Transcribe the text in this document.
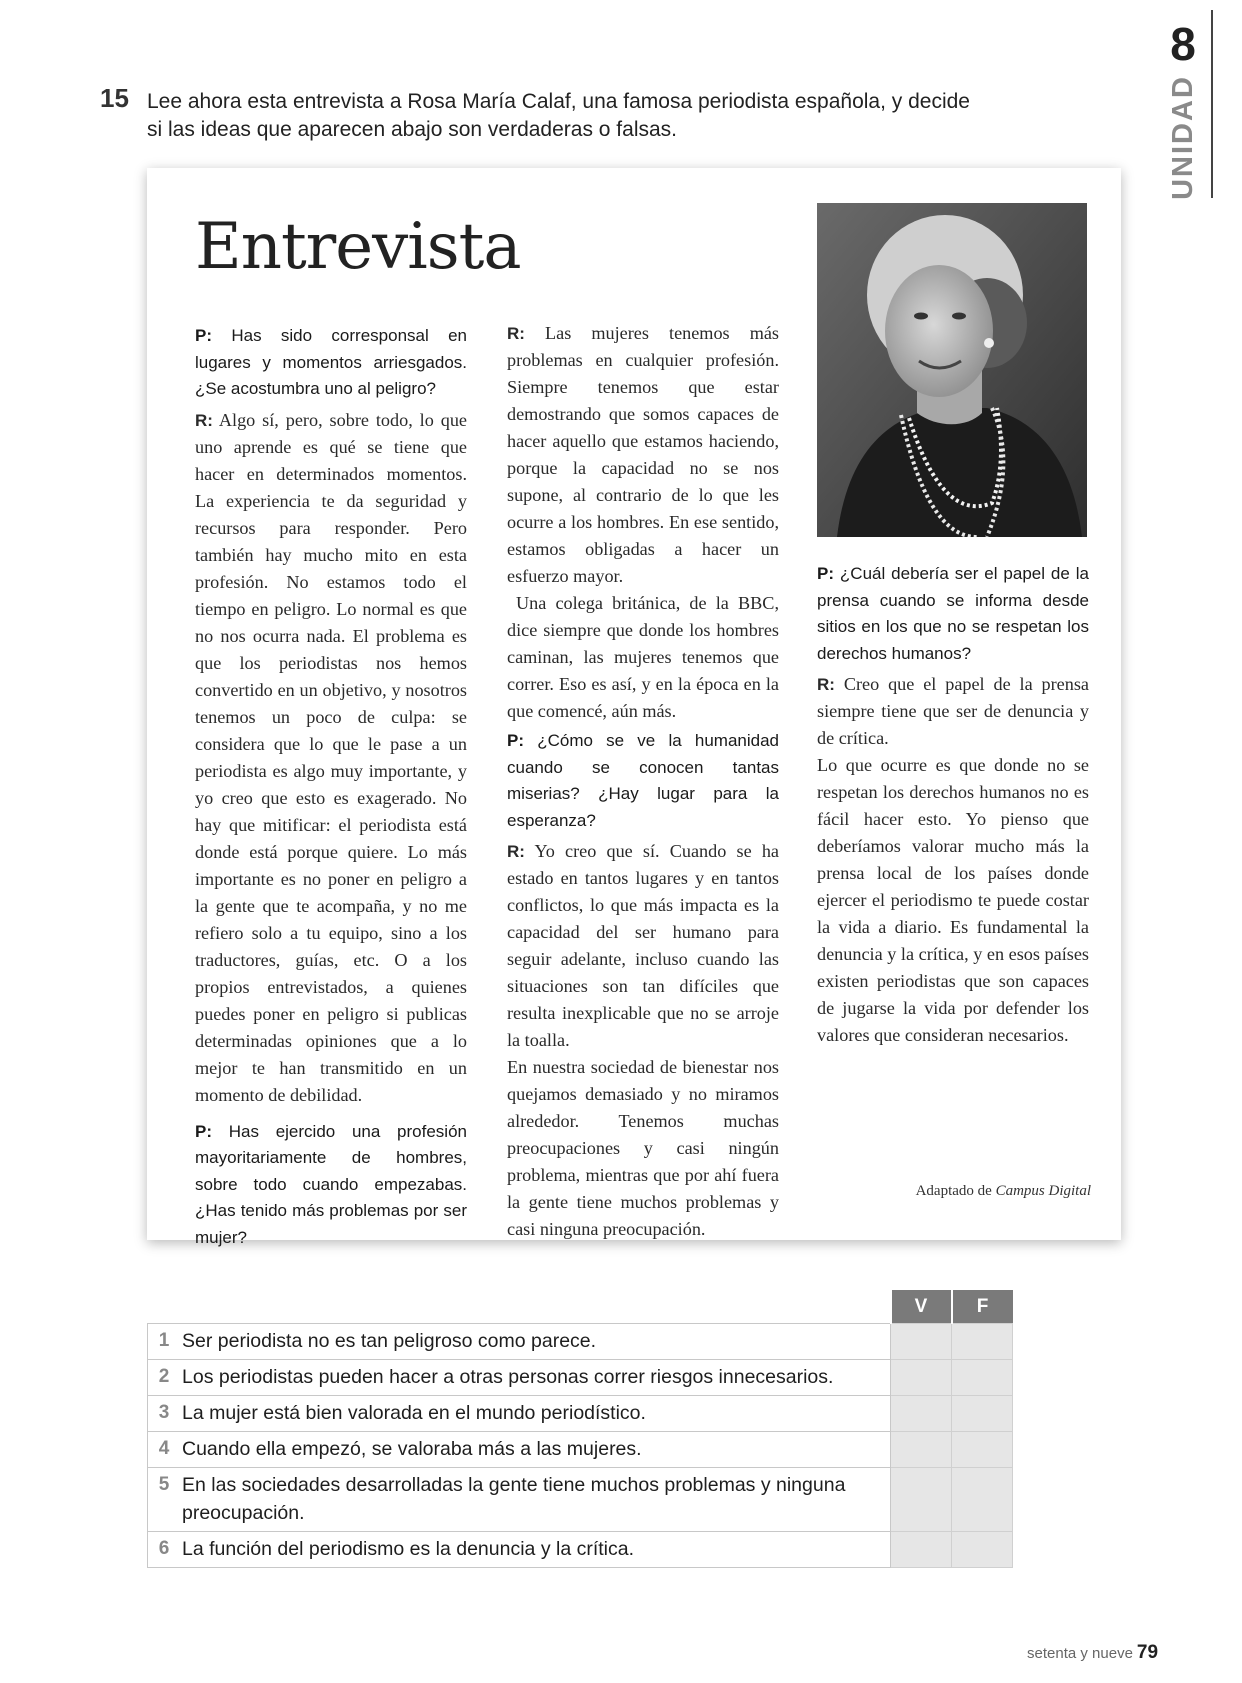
8
UNIDAD
15 Lee ahora esta entrevista a Rosa María Calaf, una famosa periodista española, y decide si las ideas que aparecen abajo son verdaderas o falsas.
Entrevista

P: Has sido corresponsal en lugares y momentos arriesgados. ¿Se acostumbra uno al peligro?

R: Algo sí, pero, sobre todo, lo que uno aprende es qué se tiene que hacer en determinados momentos. La experiencia te da seguridad y recursos para responder. Pero también hay mucho mito en esta profesión. No estamos todo el tiempo en peligro. Lo normal es que no nos ocurra nada. El problema es que los periodistas nos hemos convertido en un objetivo, y nosotros tenemos un poco de culpa: se considera que lo que le pase a un periodista es algo muy importante, y yo creo que esto es exagerado. No hay que mitificar: el periodista está donde está porque quiere. Lo más importante es no poner en peligro a la gente que te acompaña, y no me refiero solo a tu equipo, sino a los traductores, guías, etc. O a los propios entrevistados, a quienes puedes poner en peligro si publicas determinadas opiniones que a lo mejor te han transmitido en un momento de debilidad.

P: Has ejercido una profesión mayoritariamente de hombres, sobre todo cuando empezabas. ¿Has tenido más problemas por ser mujer?

R: Las mujeres tenemos más problemas en cualquier profesión. Siempre tenemos que estar demostrando que somos capaces de hacer aquello que estamos haciendo, porque la capacidad no se nos supone, al contrario de lo que les ocurre a los hombres. En ese sentido, estamos obligadas a hacer un esfuerzo mayor.

Una colega británica, de la BBC, dice siempre que donde los hombres caminan, las mujeres tenemos que correr. Eso es así, y en la época en la que comencé, aún más.

P: ¿Cómo se ve la humanidad cuando se conocen tantas miserias? ¿Hay lugar para la esperanza?

R: Yo creo que sí. Cuando se ha estado en tantos lugares y en tantos conflictos, lo que más impacta es la capacidad del ser humano para seguir adelante, incluso cuando las situaciones son tan difíciles que resulta inexplicable que no se arroje la toalla.

En nuestra sociedad de bienestar nos quejamos demasiado y no miramos alrededor. Tenemos muchas preocupaciones y casi ningún problema, mientras que por ahí fuera la gente tiene muchos problemas y casi ninguna preocupación.

P: ¿Cuál debería ser el papel de la prensa cuando se informa desde sitios en los que no se respetan los derechos humanos?

R: Creo que el papel de la prensa siempre tiene que ser de denuncia y de crítica.

Lo que ocurre es que donde no se respetan los derechos humanos no es fácil hacer esto. Yo pienso que deberíamos valorar mucho más la prensa local de los países donde ejercer el periodismo te puede costar la vida a diario. Es fundamental la denuncia y la crítica, y en esos países existen periodistas que son capaces de jugarse la vida por defender los valores que consideran necesarios.

Adaptado de Campus Digital
		V	F
1	Ser periodista no es tan peligroso como parece.		
2	Los periodistas pueden hacer a otras personas correr riesgos innecesarios.		
3	La mujer está bien valorada en el mundo periodístico.		
4	Cuando ella empezó, se valoraba más a las mujeres.		
5	En las sociedades desarrolladas la gente tiene muchos problemas y ninguna preocupación.		
6	La función del periodismo es la denuncia y la crítica.		
setenta y nueve 79
